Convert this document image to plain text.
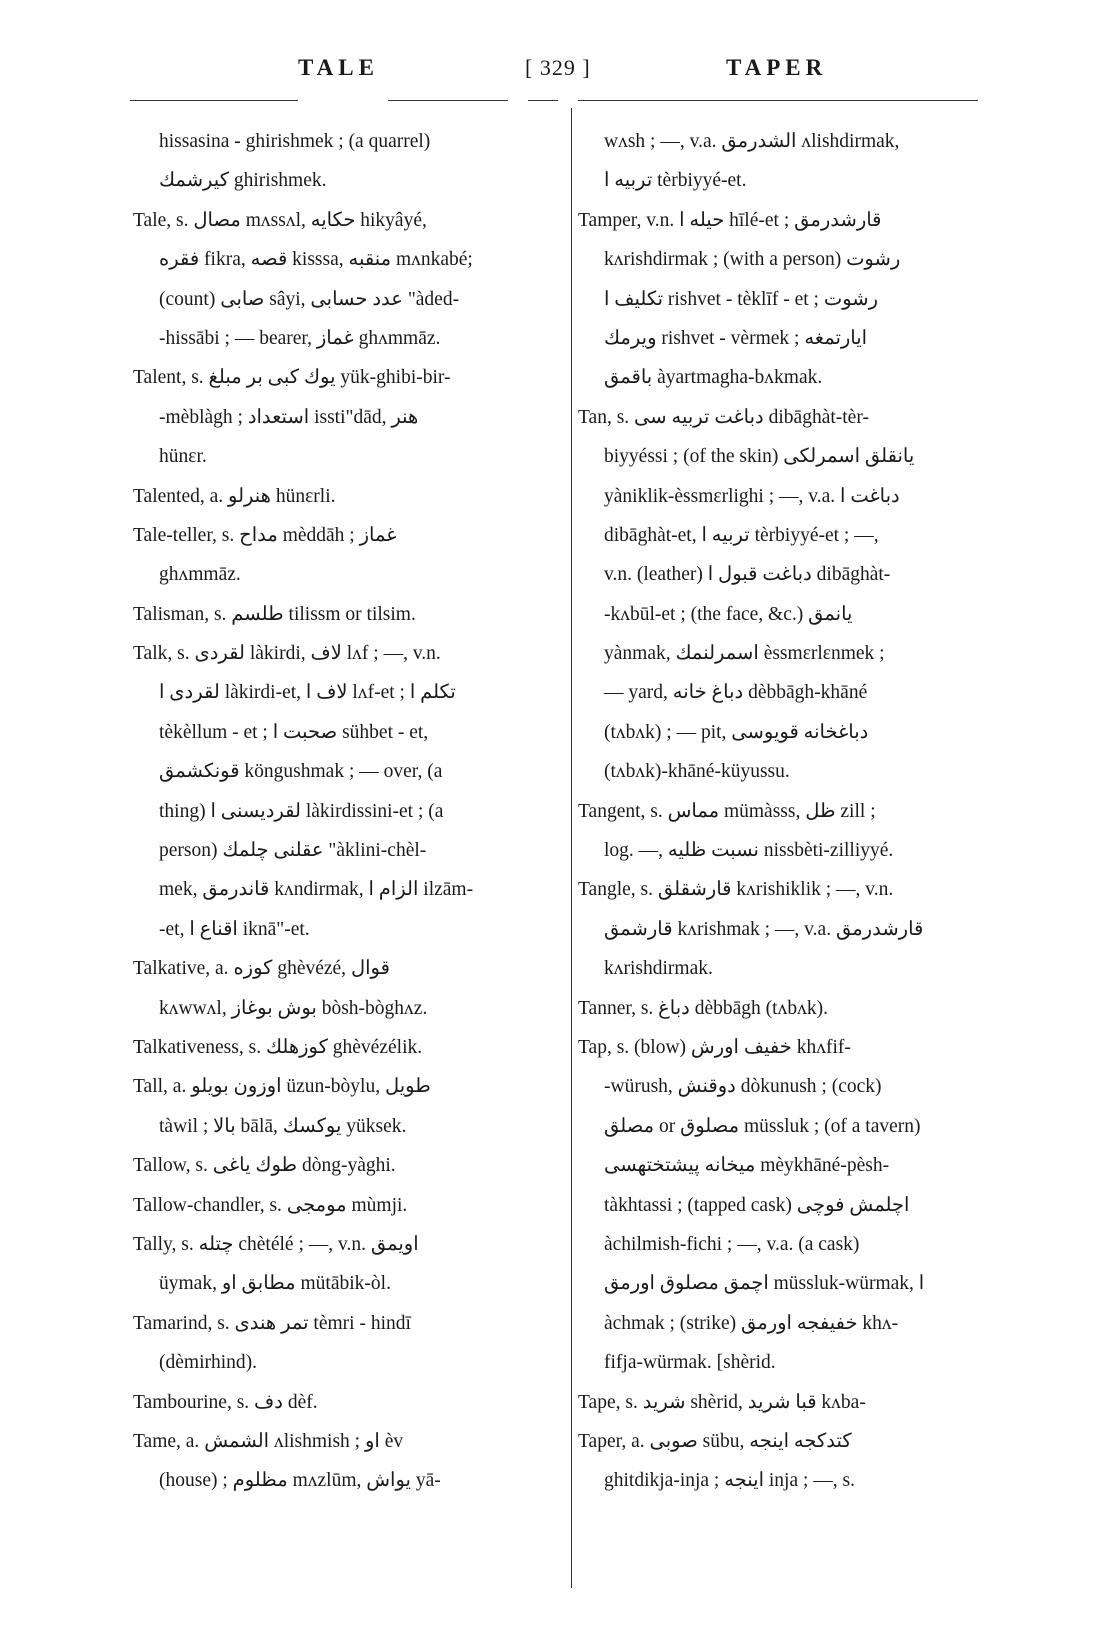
TALE	[ 329 ]	TAPER
hissasina - ghirishmek ; (a quarrel)
كيرشمك ghirishmek.
Tale, s. مصال mʌssʌl, حكايه hikyâyé,
فقره fikra, قصه kisssa, منقبه mʌnkabé;
(count) صابى sâyi, عدد حسابى "àded-
-hissābi ; — bearer, غماز ghʌmmāz.
Talent, s. يوك كبى بر مبلغ yük-ghibi-bir-
-mèblàgh ; استعداد issti"dād, هنر
hünɛr.
Talented, a. هنرلو hünɛrli.
Tale-teller, s. مداح mèddāh ; غماز
ghʌmmāz.
Talisman, s. طلسم tilissm or tilsim.
Talk, s. لقردى làkirdi, لاف lʌf ; —, v.n.
لقردى ا làkirdi-et, لاف ا lʌf-et ; تكلم ا
tèkèllum - et ; صحبت ا sühbet - et,
قونكشمق köngushmak ; — over, (a
thing) لقرديسنى ا làkirdissini-et ; (a
person) عقلنى چلمك "àklini-chèl-
mek, قاندرمق kʌndirmak, الزام ا ilzām-
-et, اقناع ا iknā"-et.
Talkative, a. كوزه ghèvézé, قوال
kʌwwʌl, بوش بوغاز bòsh-bòghʌz.
Talkativeness, s. كوزهلك ghèvézélik.
Tall, a. اوزون بويلو üzun-bòylu, طويل
tàwil ; بالا bālā, يوكسك yüksek.
Tallow, s. طوك ياغى dòng-yàghi.
Tallow-chandler, s. مومجى mùmji.
Tally, s. چتله chètélé ; —, v.n. اويمق
üymak, مطابق او mütābik-òl.
Tamarind, s. تمر هندى tèmri - hindī
(dèmirhind).
Tambourine, s. دف dèf.
Tame, a. الشمش ʌlishmish ; او èv
(house) ; مظلوم mʌzlūm, يواش yā-
wʌsh ; —, v.a. الشدرمق ʌlishdirmak,
تربيه ا tèrbiyyé-et.
Tamper, v.n. حيله ا hīlé-et ; قارشدرمق
kʌrishdirmak ; (with a person) رشوت
تكليف ا rishvet - tèklīf - et ; رشوت
ويرمك rishvet - vèrmek ; ايارتمغه
باقمق àyartmagha-bʌkmak.
Tan, s. دباغت تربيه سى dibāghàt-tèr-
biyyéssi ; (of the skin) يانقلق اسمرلكى
yàniklik-èssmɛrlighi ; —, v.a. دباغت ا
dibāghàt-et, تربيه ا tèrbiyyé-et ; —,
v.n. (leather) دباغت قبول ا dibāghàt-
-kʌbūl-et ; (the face, &c.) يانمق
yànmak, اسمرلنمك èssmɛrlɛnmek ;
— yard, دباغ خانه dèbbāgh-khāné
(tʌbʌk) ; — pit, دباغخانه قويوسى
(tʌbʌk)-khāné-küyussu.
Tangent, s. مماس mümàsss, ظل zill ;
log. —, نسبت ظليه nissbèti-zilliyyé.
Tangle, s. قارشقلق kʌrishiklik ; —, v.n.
قارشمق kʌrishmak ; —, v.a. قارشدرمق
kʌrishdirmak.
Tanner, s. دباغ dèbbāgh (tʌbʌk).
Tap, s. (blow) خفيف اورش khʌfif-
-würush, دوقنش dòkunush ; (cock)
مصلق or مصلوق müssluk ; (of a tavern)
ميخانه پيشتختهسى mèykhāné-pèsh-
tàkhtassi ; (tapped cask) اچلمش فوچى
àchilmish-fichi ; —, v.a. (a cask)
اچمق مصلوق اورمق müssluk-würmak, ا
àchmak ; (strike) خفيفجه اورمق khʌ-
fifja-würmak. [shèrid.
Tape, s. شريد shèrid, قبا شريد kʌba-
Taper, a. صوبى sübu, كتدكجه اينجه
ghitdikja-inja ; اينجه inja ; —, s.
